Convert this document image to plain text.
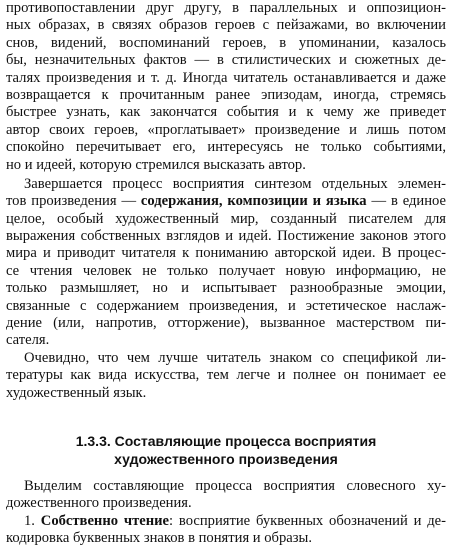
противопоставлении друг другу, в параллельных и оппозицион-
ных образах, в связях образов героев с пейзажами, во включении
снов, видений, воспоминаний героев, в упоминании, казалось
бы, незначительных фактов — в стилистических и сюжетных де-
талях произведения и т. д. Иногда читатель останавливается и даже
возвращается к прочитанным ранее эпизодам, иногда, стремясь
быстрее узнать, как закончатся события и к чему же приведет
автор своих героев, «проглатывает» произведение и лишь потом
спокойно перечитывает его, интересуясь не только событиями,
но и идеей, которую стремился высказать автор.
Завершается процесс восприятия синтезом отдельных элемен-
тов произведения — содержания, композиции и языка — в единое
целое, особый художественный мир, созданный писателем для
выражения собственных взглядов и идей. Постижение законов этого
мира и приводит читателя к пониманию авторской идеи. В процес-
се чтения человек не только получает новую информацию, не
только размышляет, но и испытывает разнообразные эмоции,
связанные с содержанием произведения, и эстетическое наслаж-
дение (или, напротив, отторжение), вызванное мастерством пи-
сателя.
Очевидно, что чем лучше читатель знаком со спецификой ли-
тературы как вида искусства, тем легче и полнее он понимает ее
художественный язык.
1.3.3. Составляющие процесса восприятия
художественного произведения
Выделим составляющие процесса восприятия словесного ху-
дожественного произведения.
1. Собственно чтение: восприятие буквенных обозначений и де-
кодировка буквенных знаков в понятия и образы.
